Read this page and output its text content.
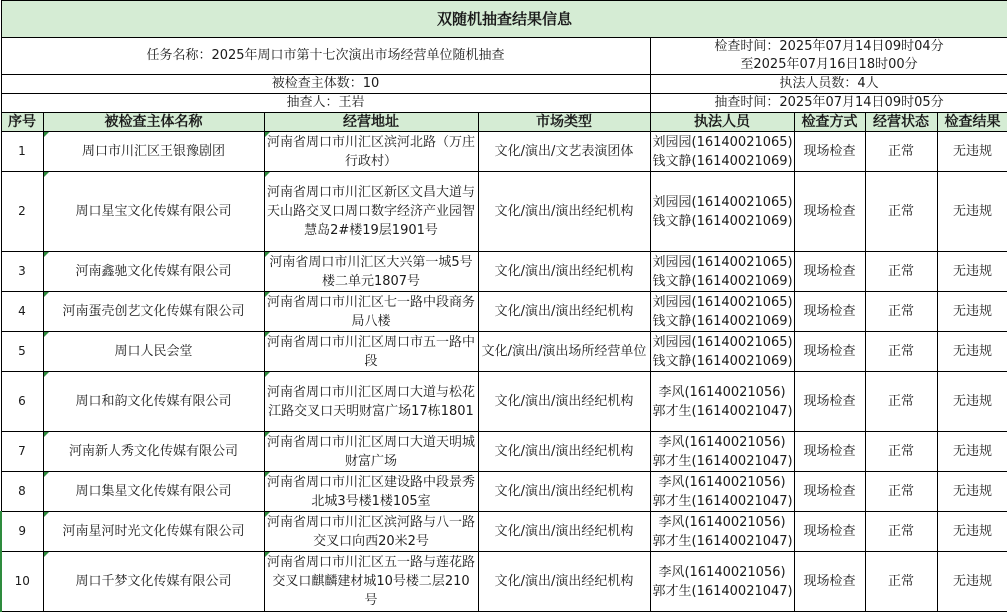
双随机抽查结果信息							
任务名称：2025年周口市第十七次演出市场经营单位随机抽查				检查时间：2025年07月14日09时04分
至2025年07月16日18时00分			

被检查主体数：10				执法人员数：4人			
抽查人：王岩				抽查时间：2025年07月14日09时05分			
序号	被检查主体名称	经营地址	市场类型	执法人员	检查方式	经营状态	检查结果
1	周口市川汇区王银豫剧团	河南省周口市川汇区滨河北路（万庄行政村）	文化/演出/文艺表演团体	刘园园(16140021065)
钱文静(16140021069)	现场检查	正常	无违规
2	周口星宝文化传媒有限公司	河南省周口市川汇区新区文昌大道与天山路交叉口周口数字经济产业园智慧岛2#楼19层1901号	文化/演出/演出经纪机构	刘园园(16140021065)
钱文静(16140021069)	现场检查	正常	无违规
3	河南鑫驰文化传媒有限公司	河南省周口市川汇区大兴第一城5号楼二单元1807号	文化/演出/演出经纪机构	刘园园(16140021065)
钱文静(16140021069)	现场检查	正常	无违规
4	河南蛋壳创艺文化传媒有限公司	河南省周口市川汇区七一路中段商务局八楼	文化/演出/演出经纪机构	刘园园(16140021065)
钱文静(16140021069)	现场检查	正常	无违规
5	周口人民会堂	河南省周口市川汇区周口市五一路中段	文化/演出/演出场所经营单位	刘园园(16140021065)
钱文静(16140021069)	现场检查	正常	无违规
6	周口和韵文化传媒有限公司	河南省周口市川汇区周口大道与松花江路交叉口天明财富广场17栋1801	文化/演出/演出经纪机构	李风(16140021056)
郭才生(16140021047)	现场检查	正常	无违规
7	河南新人秀文化传媒有限公司	河南省周口市川汇区周口大道天明城财富广场	文化/演出/演出经纪机构	李风(16140021056)
郭才生(16140021047)	现场检查	正常	无违规
8	周口集星文化传媒有限公司	河南省周口市川汇区建设路中段景秀北城3号楼1楼105室	文化/演出/演出经纪机构	李风(16140021056)
郭才生(16140021047)	现场检查	正常	无违规
9	河南星河时光文化传媒有限公司	河南省周口市川汇区滨河路与八一路交叉口向西20米2号	文化/演出/演出经纪机构	李风(16140021056)
郭才生(16140021047)	现场检查	正常	无违规
10	周口千梦文化传媒有限公司	河南省周口市川汇区五一路与莲花路交叉口麒麟建材城10号楼二层210号	文化/演出/演出经纪机构	李风(16140021056)
郭才生(16140021047)	现场检查	正常	无违规
